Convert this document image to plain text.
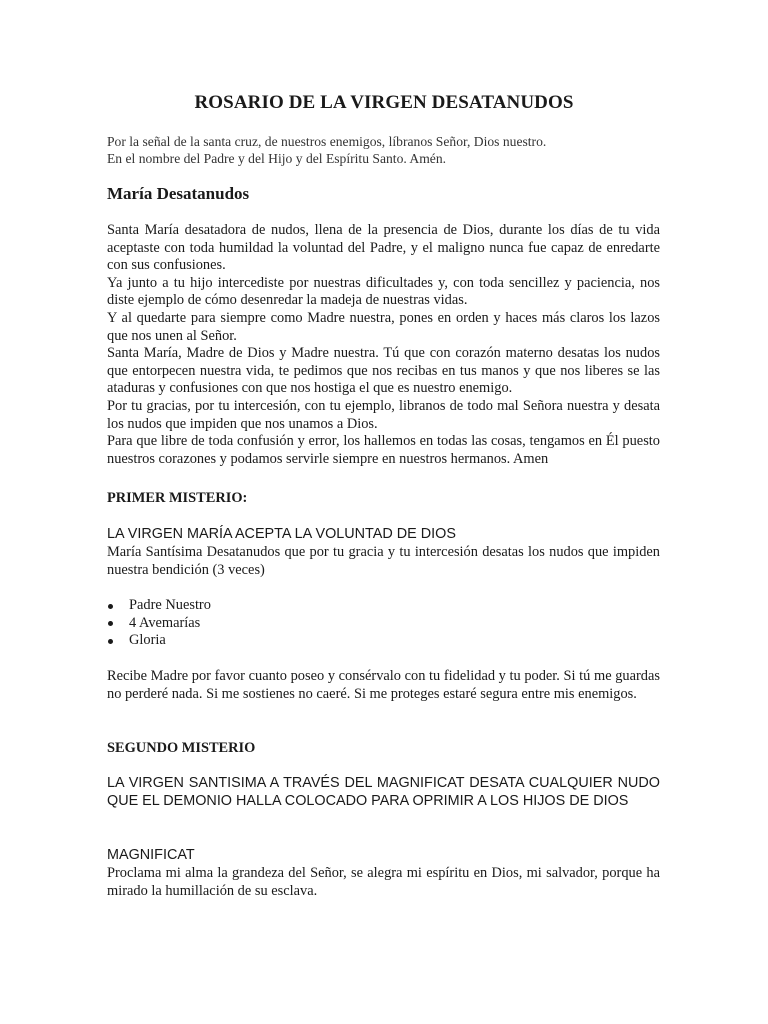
ROSARIO DE LA VIRGEN DESATANUDOS
Por la señal de la santa cruz, de nuestros enemigos, líbranos Señor, Dios nuestro.
En el nombre del Padre y del Hijo y del Espíritu Santo. Amén.
María Desatanudos

Santa María desatadora de nudos, llena de la presencia de Dios, durante los días de tu vida aceptaste con toda humildad la voluntad del Padre, y el maligno nunca fue capaz de enredarte con sus confusiones.

Ya junto a tu hijo intercediste por nuestras dificultades y, con toda sencillez y paciencia, nos diste ejemplo de cómo desenredar la madeja de nuestras vidas.

Y al quedarte para siempre como Madre nuestra, pones en orden y haces más claros los lazos que nos unen al Señor.

Santa María, Madre de Dios y Madre nuestra. Tú que con corazón materno desatas los nudos que entorpecen nuestra vida, te pedimos que nos recibas en tus manos y que nos liberes se las ataduras y confusiones con que nos hostiga el que es nuestro enemigo.

Por tu gracias, por tu intercesión, con tu ejemplo, libranos de todo mal Señora nuestra y desata los nudos que impiden que nos unamos a Dios.

Para que libre de toda confusión y error, los hallemos en todas las cosas, tengamos en Él puesto nuestros corazones y podamos servirle siempre en nuestros hermanos. Amen

PRIMER MISTERIO:
LA VIRGEN MARÍA ACEPTA LA VOLUNTAD DE DIOS
María Santísima Desatanudos que por tu gracia y tu intercesión desatas los nudos que impiden nuestra bendición (3 veces)
Padre Nuestro
4 Avemarías
Gloria
Recibe Madre por favor cuanto poseo y consérvalo con tu fidelidad y tu poder. Si tú me guardas no perderé nada. Si me sostienes no caeré. Si me proteges estaré segura entre mis enemigos.
SEGUNDO MISTERIO
LA VIRGEN SANTISIMA A TRAVÉS DEL MAGNIFICAT DESATA CUALQUIER NUDO QUE EL DEMONIO HALLA COLOCADO PARA OPRIMIR A LOS HIJOS DE DIOS
MAGNIFICAT
Proclama mi alma la grandeza del Señor, se alegra mi espíritu en Dios, mi salvador, porque ha mirado la humillación de su esclava.
